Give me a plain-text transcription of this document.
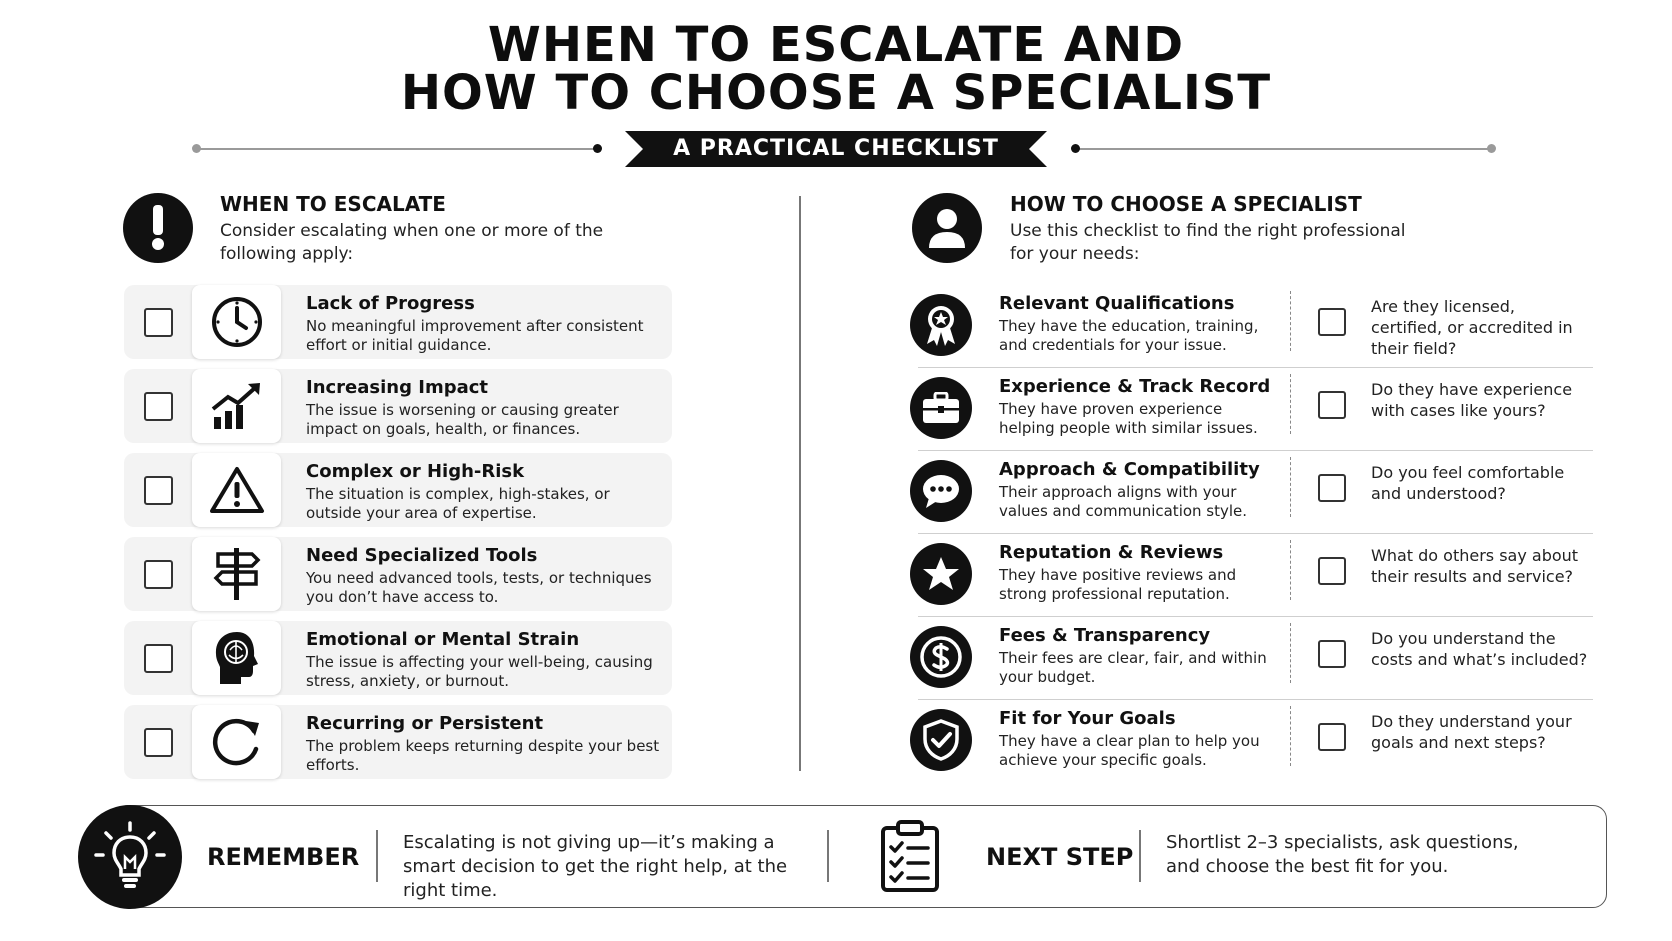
WHEN TO ESCALATE AND
HOW TO CHOOSE A SPECIALIST
A PRACTICAL CHECKLIST
WHEN TO ESCALATE
Consider escalating when one or more of the following apply:
HOW TO CHOOSE A SPECIALIST
Use this checklist to find the right professional for your needs:
Lack of Progress
No meaningful improvement after consistent effort or initial guidance.
Increasing Impact
The issue is worsening or causing greater impact on goals, health, or finances.
Complex or High-Risk
The situation is complex, high-stakes, or outside your area of expertise.
Need Specialized Tools
You need advanced tools, tests, or techniques you don’t have access to.
Emotional or Mental Strain
The issue is affecting your well-being, causing stress, anxiety, or burnout.
Recurring or Persistent
The problem keeps returning despite your best efforts.
Relevant Qualifications
They have the education, training, and credentials for your issue.
Are they licensed, certified, or accredited in their field?
Experience & Track Record
They have proven experience helping people with similar issues.
Do they have experience with cases like yours?
Approach & Compatibility
Their approach aligns with your values and communication style.
Do you feel comfortable and understood?
Reputation & Reviews
They have positive reviews and strong professional reputation.
What do others say about their results and service?
Fees & Transparency
Their fees are clear, fair, and within your budget.
Do you understand the costs and what’s included?
Fit for Your Goals
They have a clear plan to help you achieve your specific goals.
Do they understand your goals and next steps?
REMEMBER
Escalating is not giving up—it’s making a smart decision to get the right help, at the right time.
NEXT STEP
Shortlist 2–3 specialists, ask questions, and choose the best fit for you.
